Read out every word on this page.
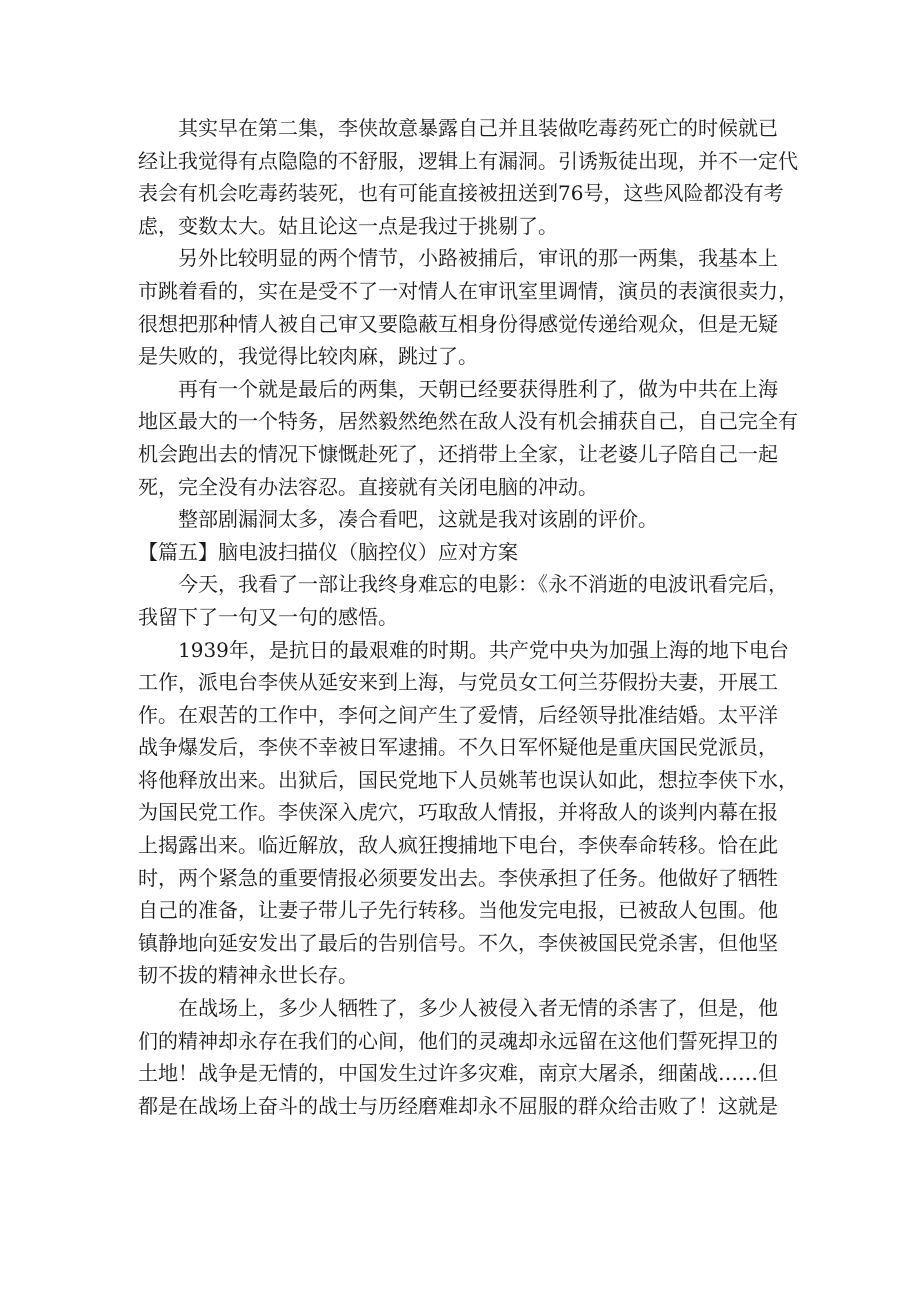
其实早在第二集，李侠故意暴露自己并且装做吃毒药死亡的时候就已
经让我觉得有点隐隐的不舒服，逻辑上有漏洞。引诱叛徒出现，并不一定代
表会有机会吃毒药装死，也有可能直接被扭送到76号，这些风险都没有考
虑，变数太大。姑且论这一点是我过于挑剔了。

另外比较明显的两个情节，小路被捕后，审讯的那一两集，我基本上
市跳着看的，实在是受不了一对情人在审讯室里调情，演员的表演很卖力，
很想把那种情人被自己审又要隐蔽互相身份得感觉传递给观众，但是无疑
是失败的，我觉得比较肉麻，跳过了。

再有一个就是最后的两集，天朝已经要获得胜利了，做为中共在上海
地区最大的一个特务，居然毅然绝然在敌人没有机会捕获自己，自己完全有
机会跑出去的情况下慷慨赴死了，还捎带上全家，让老婆儿子陪自己一起
死，完全没有办法容忍。直接就有关闭电脑的冲动。

整部剧漏洞太多，凑合看吧，这就是我对该剧的评价。

【篇五】脑电波扫描仪（脑控仪）应对方案

今天，我看了一部让我终身难忘的电影：《永不消逝的电波讯看完后，
我留下了一句又一句的感悟。

1939年，是抗日的最艰难的时期。共产党中央为加强上海的地下电台
工作，派电台李侠从延安来到上海，与党员女工何兰芬假扮夫妻，开展工
作。在艰苦的工作中，李何之间产生了爱情，后经领导批准结婚。太平洋
战争爆发后，李侠不幸被日军逮捕。不久日军怀疑他是重庆国民党派员，
将他释放出来。出狱后，国民党地下人员姚苇也误认如此，想拉李侠下水，
为国民党工作。李侠深入虎穴，巧取敌人情报，并将敌人的谈判内幕在报
上揭露出来。临近解放，敌人疯狂搜捕地下电台，李侠奉命转移。恰在此
时，两个紧急的重要情报必须要发出去。李侠承担了任务。他做好了牺牲
自己的准备，让妻子带儿子先行转移。当他发完电报，已被敌人包围。他
镇静地向延安发出了最后的告别信号。不久，李侠被国民党杀害，但他坚
韧不拔的精神永世长存。

在战场上，多少人牺牲了，多少人被侵入者无情的杀害了，但是，他
们的精神却永存在我们的心间，他们的灵魂却永远留在这他们誓死捍卫的
土地！战争是无情的，中国发生过许多灾难，南京大屠杀，细菌战……但
都是在战场上奋斗的战士与历经磨难却永不屈服的群众给击败了！这就是
